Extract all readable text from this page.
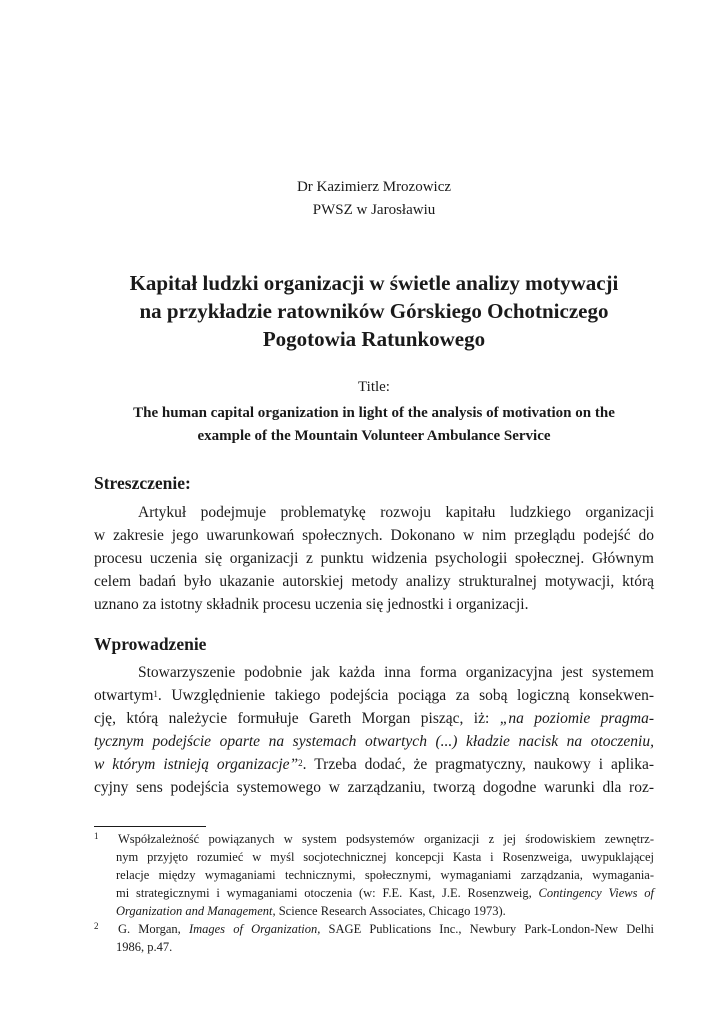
Dr Kazimierz Mrozowicz
PWSZ w Jarosławiu
Kapitał ludzki organizacji w świetle analizy motywacji
na przykładzie ratowników Górskiego Ochotniczego
Pogotowia Ratunkowego
Title:
The human capital organization in light of the analysis of motivation on the
example of the Mountain Volunteer Ambulance Service
Streszczenie:
Artykuł podejmuje problematykę rozwoju kapitału ludzkiego organizacji
w zakresie jego uwarunkowań społecznych. Dokonano w nim przeglądu podejść do
procesu uczenia się organizacji z punktu widzenia psychologii społecznej. Głównym
celem badań było ukazanie autorskiej metody analizy strukturalnej motywacji, którą
uznano za istotny składnik procesu uczenia się jednostki i organizacji.
Wprowadzenie
Stowarzyszenie podobnie jak każda inna forma organizacyjna jest systemem
otwartym$^1$. Uwzględnienie takiego podejścia pociąga za sobą logiczną konsekwen-
cję, którą należycie formułuje Gareth Morgan pisząc, iż: „na poziomie pragma-
tycznym podejście oparte na systemach otwartych (...) kładzie nacisk na otoczeniu,
w którym istnieją organizacje”$^2$. Trzeba dodać, że pragmatyczny, naukowy i aplika-
cyjny sens podejścia systemowego w zarządzaniu, tworzą dogodne warunki dla roz-
1	Współzależność powiązanych w system podsystemów organizacji z jej środowiskiem zewnętrz-
nym przyjęto rozumieć w myśl socjotechnicznej koncepcji Kasta i Rosenzweiga, uwypuklającej
relacje między wymaganiami technicznymi, społecznymi, wymaganiami zarządzania, wymagania-
mi strategicznymi i wymaganiami otoczenia (w: F.E. Kast, J.E. Rosenzweig, Contingency Views of
Organization and Management, Science Research Associates, Chicago 1973).
2	G. Morgan, Images of Organization, SAGE Publications Inc., Newbury Park-London-New Delhi
1986, p.47.
